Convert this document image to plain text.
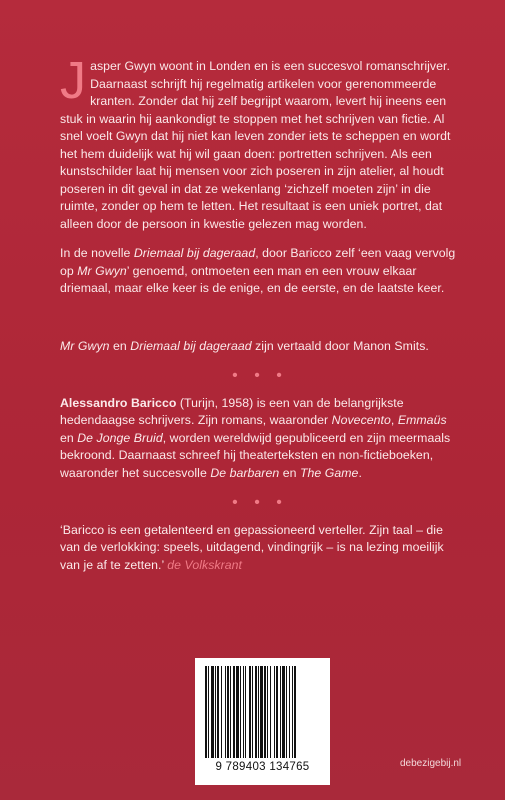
Jasper Gwyn woont in Londen en is een succesvol romanschrijver. Daarnaast schrijft hij regelmatig artikelen voor gerenommeerde kranten. Zonder dat hij zelf begrijpt waarom, levert hij ineens een stuk in waarin hij aankondigt te stoppen met het schrijven van fictie. Al snel voelt Gwyn dat hij niet kan leven zonder iets te scheppen en wordt het hem duidelijk wat hij wil gaan doen: portretten schrijven. Als een kunstschilder laat hij mensen voor zich poseren in zijn atelier, al houdt poseren in dit geval in dat ze wekenlang ‘zichzelf moeten zijn’ in die ruimte, zonder op hem te letten. Het resultaat is een uniek portret, dat alleen door de persoon in kwestie gelezen mag worden.

In de novelle Driemaal bij dageraad, door Baricco zelf ‘een vaag vervolg op Mr Gwyn’ genoemd, ontmoeten een man en een vrouw elkaar driemaal, maar elke keer is de enige, en de eerste, en de laatste keer.

Mr Gwyn en Driemaal bij dageraad zijn vertaald door Manon Smits.

• • •

Alessandro Baricco (Turijn, 1958) is een van de belangrijkste hedendaagse schrijvers. Zijn romans, waaronder Novecento, Emmaüs en De Jonge Bruid, worden wereldwijd gepubliceerd en zijn meermaals bekroond. Daarnaast schreef hij theaterteksten en non-fictieboeken, waaronder het succesvolle De barbaren en The Game.

• • •

‘Baricco is een getalenteerd en gepassioneerd verteller. Zijn taal – die van de verlokking: speels, uitdagend, vindingrijk – is na lezing moeilijk van je af te zetten.’ de Volkskrant

9 789403 134765	debezigebij.nl
